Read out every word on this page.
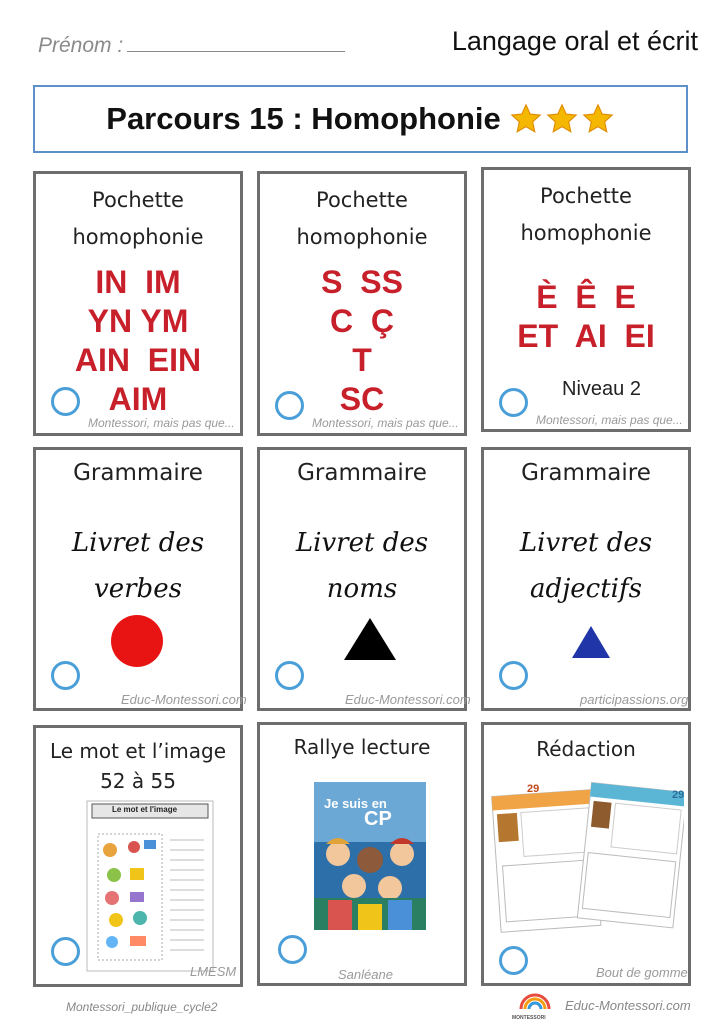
Prénom :	Langage oral et écrit
Parcours 15 : Homophonie
Pochette
homophonie
IN  IM
YN YM
AIN  EIN
AIM
Montessori, mais pas que...
Pochette
homophonie
S  SS
C  Ç
T
SC
Montessori, mais pas que...
Pochette
homophonie
È  Ê  E
ET  AI  EI
Niveau 2
Montessori, mais pas que...
Grammaire
Livret des
verbes
Educ-Montessori.com
Grammaire
Livret des
noms
Educ-Montessori.com
Grammaire
Livret des
adjectifs
participassions.org
Le mot et l’image
52 à 55
Le mot et l'image
LMESM
Rallye lecture
Je suis en
CP
Sanléane
Rédaction
29	29
Bout de gomme
Montessori_publique_cycle2
MONTESSORI
Educ-Montessori.com
